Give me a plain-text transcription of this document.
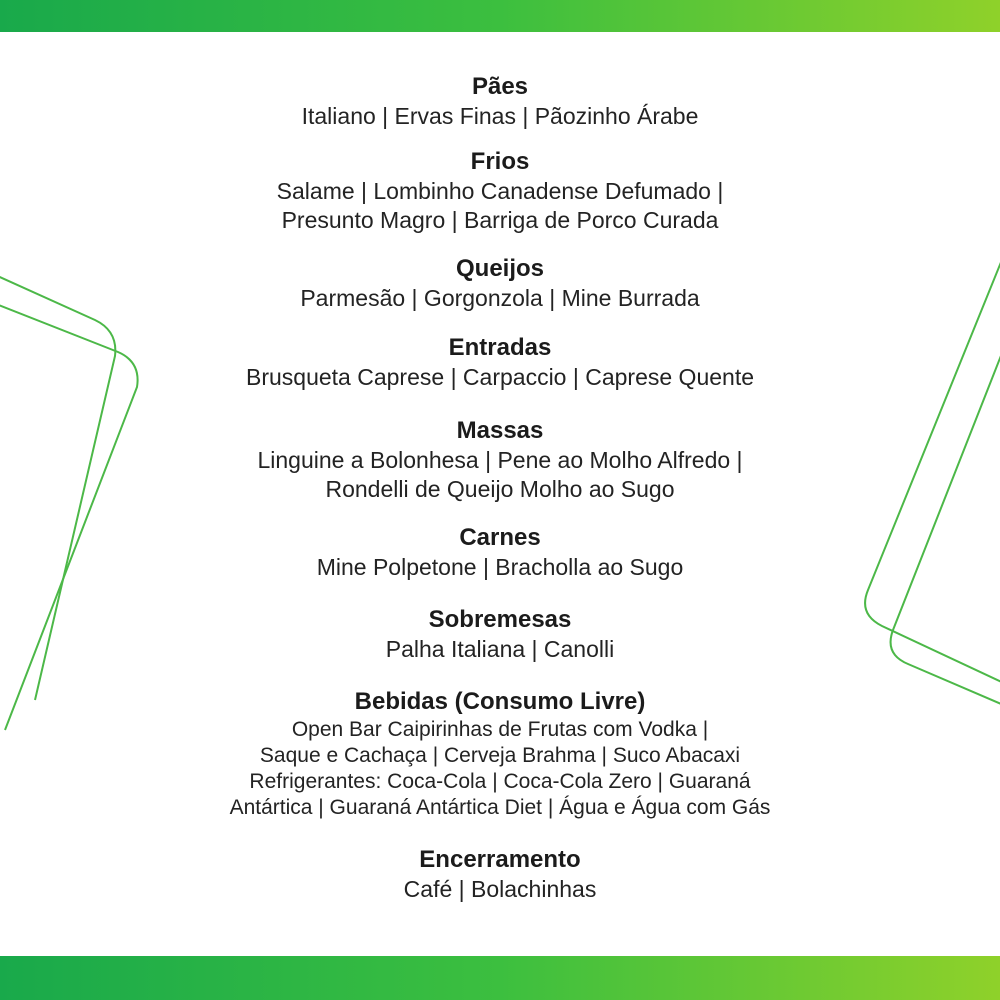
Pães
Italiano | Ervas Finas | Pãozinho Árabe
Frios
Salame | Lombinho Canadense Defumado |
Presunto Magro | Barriga de Porco Curada
Queijos
Parmesão | Gorgonzola | Mine Burrada
Entradas
Brusqueta Caprese | Carpaccio | Caprese Quente
Massas
Linguine a Bolonhesa | Pene ao Molho Alfredo |
Rondelli de Queijo Molho ao Sugo
Carnes
Mine Polpetone | Bracholla ao Sugo
Sobremesas
Palha Italiana | Canolli
Bebidas (Consumo Livre)
Open Bar Caipirinhas de Frutas com Vodka |
Saque e Cachaça | Cerveja Brahma | Suco Abacaxi
Refrigerantes: Coca-Cola | Coca-Cola Zero | Guaraná
Antártica | Guaraná Antártica Diet | Água e Água com Gás
Encerramento
Café | Bolachinhas
